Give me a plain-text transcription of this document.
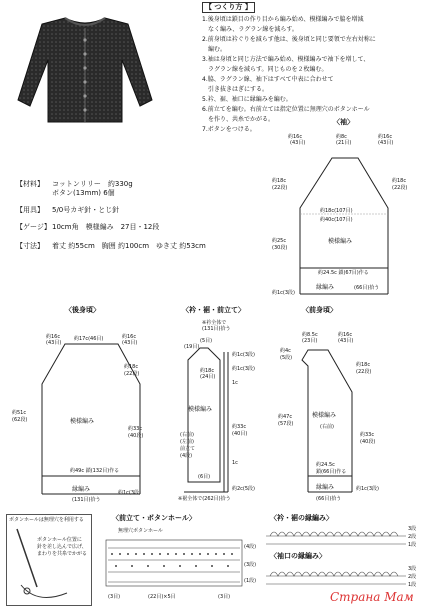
【 つくり方 】
1.後身頃は鎖目の作り目から編み始め、模様編みで脇を増減
　なく編み、ラグラン線を減らす。
2.前身頃は衿ぐりを減らす他は、後身頃と同じ要領で左右対称に
　編む。
3.袖は身頃と同じ方法で編み始め、模様編みで袖下を増して、
　ラグラン線を減らす。同じものを２枚編む。
4.脇、ラグラン線、袖下はすべて中表に合わせて
　引き抜きはぎにする。
5.衿、裾、袖口に縁編みを編む。
6.前立てを編む。右前立ては指定位置に無理穴のボタンホール
　を作り、共糸でかがる。
7.ボタンをつける。
【材料】 コットンリリー　約330g
ボタン(13mm) 6個
【用具】 5/0号カギ針・とじ針
【ゲージ】 10cm角　模様編み　27目・12段
【寸法】 着丈 約55cm　胸囲 約100cm　ゆき丈 約53cm
〈袖〉
約16c
(43目)
約8c
(21目)
約16c
(43目)
約18c
(22段)
約18c
(22段)
約18c(107目)
約40c(107目)
模様編み
約25c
(30段)
約24.5c 鎖(67目)作る
縁編み	(66目)拾う
約1c(3段)
〈後身頃〉
約16c
(43目)
約17c(46目)	約16c
(43目)
約18c
(22段)
模様編み
約51c
(62段)
約33c
(40段)
約49c 鎖(132目)作る
縁編み
(131目)拾う
約1c(3段)
〈衿・裾・前立て〉
※衿全体で
(131目)拾う
(5目)
(19目)
約1c(3段)
約18c
(24目)
約1c(3段)
1c
模様編み
(右前)
(左前)
前立て
(4段)
約33c
(40目)
1c
(6目)
※裾全体で(262目)拾う
約2c(5段)
〈前身頃〉
約8.5c
(23目)
約16c
(43目)
約4c
(5段)
約18c
(22段)
模様編み
(右前)
約47c
(57段)
約33c
(40段)
約24.5c
鎖(66目)作る
縁編み
(66目)拾う
約1c(3段)
ボタンホールは無理穴を利用する
ボタンホール位置に
針を差し込んで広げ、
まわりを共糸でかがる
〈前立て・ボタンホール〉
無理穴ボタンホール
(4段)
(3段)
(1段)
(3目)	(22目)×5目	(3目)
〈衿・裾の縁編み〉
3段
2段
1段
〈袖口の縁編み〉
3段
2段
1段
Страна Мам
